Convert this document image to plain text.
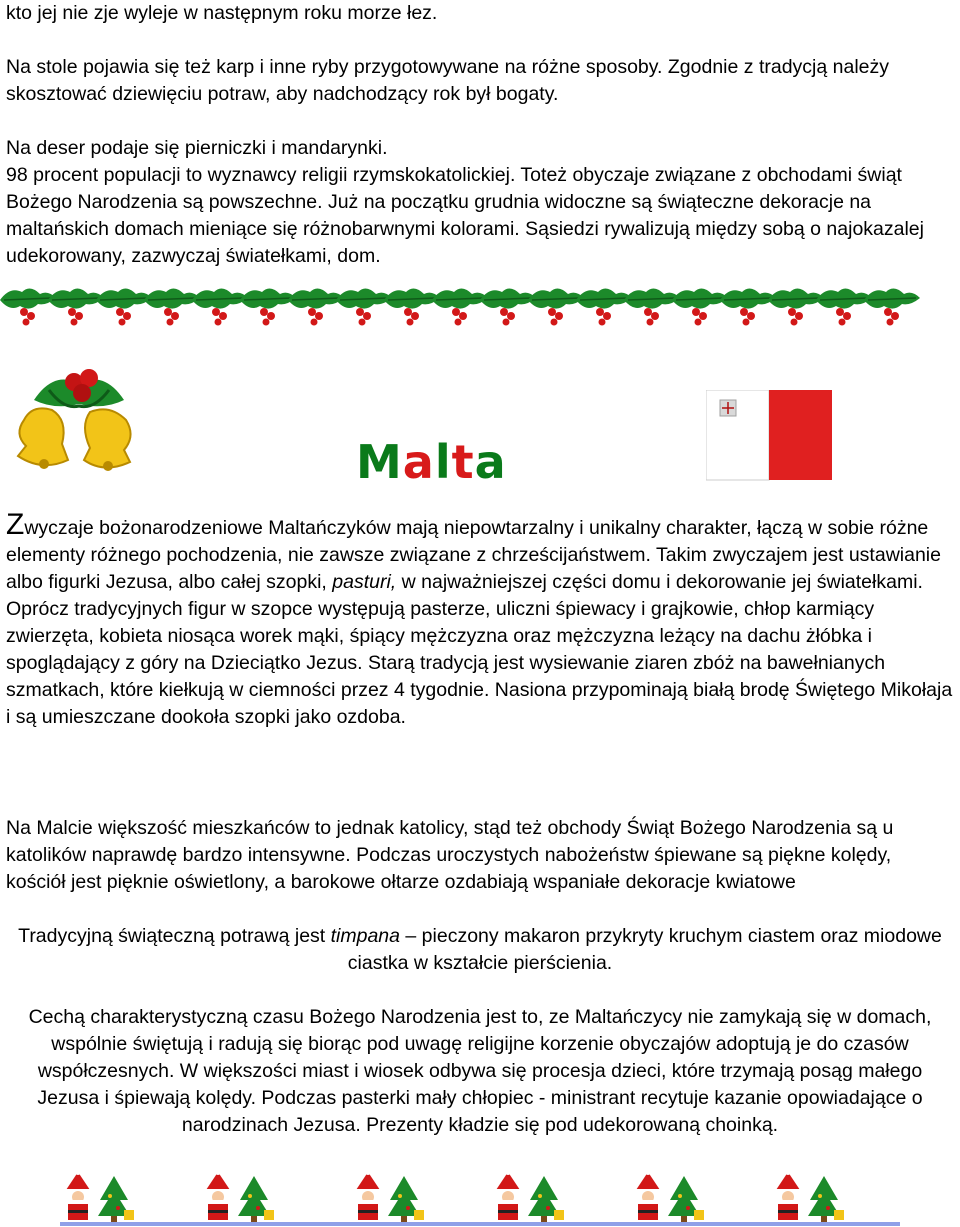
kto jej nie zje wyleje w następnym roku morze łez.

Na stole pojawia się też karp i inne ryby przygotowywane na różne sposoby. Zgodnie z tradycją należy skosztować dziewięciu potraw, aby nadchodzący rok był bogaty.

Na deser podaje się pierniczki i mandarynki.

98 procent populacji to wyznawcy religii rzymskokatolickiej. Toteż obyczaje związane z obchodami świąt Bożego Narodzenia są powszechne. Już na początku grudnia widoczne są świąteczne dekoracje na maltańskich domach mieniące się różnobarwnymi kolorami. Sąsiedzi rywalizują między sobą o najokazalej udekorowany, zazwyczaj światełkami, dom.

Malta

Zwyczaje bożonarodzeniowe Maltańczyków mają niepowtarzalny i unikalny charakter, łączą w sobie różne elementy różnego pochodzenia, nie zawsze związane z chrześcijaństwem. Takim zwyczajem jest ustawianie albo figurki Jezusa, albo całej szopki, pasturi, w najważniejszej części domu i dekorowanie jej światełkami. Oprócz tradycyjnych figur w szopce występują pasterze, uliczni śpiewacy i grajkowie, chłop karmiący zwierzęta, kobieta niosąca worek mąki, śpiący mężczyzna oraz mężczyzna leżący na dachu żłóbka i spoglądający z góry na Dzieciątko Jezus. Starą tradycją jest wysiewanie ziaren zbóż na bawełnianych szmatkach, które kiełkują w ciemności przez 4 tygodnie. Nasiona przypominają białą brodę Świętego Mikołaja i są umieszczane dookoła szopki jako ozdoba.

Na Malcie większość mieszkańców to jednak katolicy, stąd też obchody Świąt Bożego Narodzenia są u katolików naprawdę bardzo intensywne. Podczas uroczystych nabożeństw śpiewane są piękne kolędy, kościół jest pięknie oświetlony, a barokowe ołtarze ozdabiają wspaniałe dekoracje kwiatowe

Tradycyjną świąteczną potrawą jest timpana – pieczony makaron przykryty kruchym ciastem oraz miodowe ciastka w kształcie pierścienia.

Cechą charakterystyczną czasu Bożego Narodzenia jest to, ze Maltańczycy nie zamykają się w domach, wspólnie świętują i radują się biorąc pod uwagę religijne korzenie obyczajów adoptują je do czasów współczesnych. W większości miast i wiosek odbywa się procesja dzieci, które trzymają posąg małego Jezusa i śpiewają kolędy. Podczas pasterki mały chłopiec - ministrant recytuje kazanie opowiadające o narodzinach Jezusa. Prezenty kładzie się pod udekorowaną choinką.
